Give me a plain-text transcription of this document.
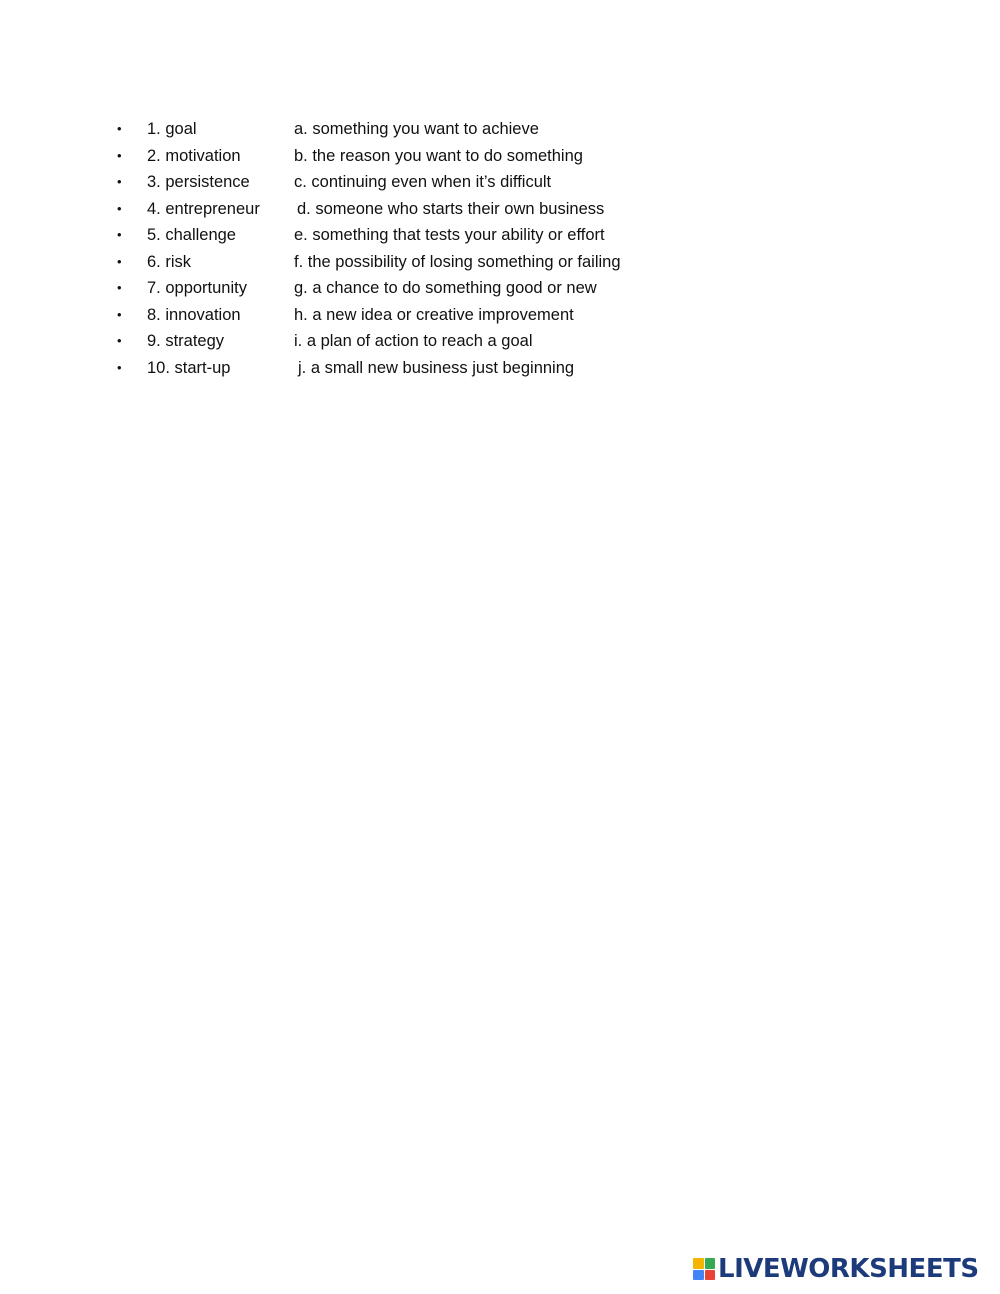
• 1. goal	a. something you want to achieve
• 2. motivation	b. the reason you want to do something
• 3. persistence	c. continuing even when it’s difficult
• 4. entrepreneur d. someone who starts their own business
• 5. challenge	e. something that tests your ability or effort
• 6. risk	f. the possibility of losing something or failing
• 7. opportunity	g. a chance to do something good or new
• 8. innovation	h. a new idea or creative improvement
• 9. strategy	i. a plan of action to reach a goal
• 10. start-up	j. a small new business just beginning
LIVEWORKSHEETS
